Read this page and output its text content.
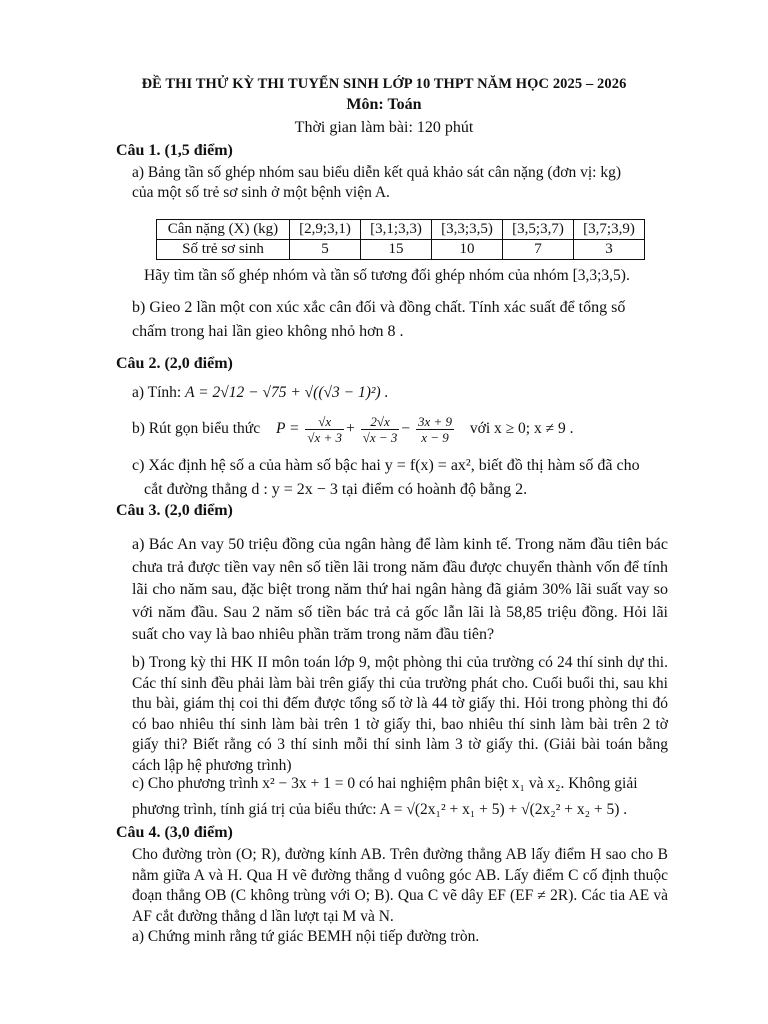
ĐỀ THI THỬ KỲ THI TUYỂN SINH LỚP 10 THPT NĂM HỌC 2025 – 2026
Môn: Toán
Thời gian làm bài: 120 phút
Câu 1. (1,5 điểm)
a) Bảng tần số ghép nhóm sau biểu diễn kết quả khảo sát cân nặng (đơn vị: kg)
của một số trẻ sơ sinh ở một bệnh viện A.
Cân nặng (X) (kg)	[2,9;3,1)	[3,1;3,3)	[3,3;3,5)	[3,5;3,7)	[3,7;3,9)
Số trẻ sơ sinh	5	15	10	7	3
Hãy tìm tần số ghép nhóm và tần số tương đối ghép nhóm của nhóm [3,3;3,5).
b) Gieo 2 lần một con xúc xắc cân đối và đồng chất. Tính xác suất để tổng số
chấm trong hai lần gieo không nhỏ hơn 8 .
Câu 2. (2,0 điểm)
a) Tính: A = 2√12 − √75 + √((√3 − 1)²) .
b) Rút gọn biểu thức $P = \frac{√x}{√x + 3} + \frac{2√x}{√x - 3} - \frac{3x + 9}{x - 9}$ với x ≥ 0; x ≠ 9 .
c) Xác định hệ số a của hàm số bậc hai y = f(x) = ax², biết đồ thị hàm số đã cho
cắt đường thẳng d : y = 2x − 3 tại điểm có hoành độ bằng 2.
Câu 3. (2,0 điểm)
a) Bác An vay 50 triệu đồng của ngân hàng để làm kinh tế. Trong năm đầu tiên bác chưa trả được tiền vay nên số tiền lãi trong năm đầu được chuyển thành vốn để tính lãi cho năm sau, đặc biệt trong năm thứ hai ngân hàng đã giảm 30% lãi suất vay so với năm đầu. Sau 2 năm số tiền bác trả cả gốc lẫn lãi là 58,85 triệu đồng. Hỏi lãi suất cho vay là bao nhiêu phần trăm trong năm đầu tiên?
b) Trong kỳ thi HK II môn toán lớp 9, một phòng thi của trường có 24 thí sinh dự thi. Các thí sinh đều phải làm bài trên giấy thi của trường phát cho. Cuối buổi thi, sau khi thu bài, giám thị coi thi đếm được tổng số tờ là 44 tờ giấy thi. Hỏi trong phòng thi đó có bao nhiêu thí sinh làm bài trên 1 tờ giấy thi, bao nhiêu thí sinh làm bài trên 2 tờ giấy thi? Biết rằng có 3 thí sinh mỗi thí sinh làm 3 tờ giấy thi. (Giải bài toán bằng cách lập hệ phương trình)
c) Cho phương trình x² − 3x + 1 = 0 có hai nghiệm phân biệt x₁ và x₂. Không giải
phương trình, tính giá trị của biểu thức: A = √(2x₁² + x₁ + 5) + √(2x₂² + x₂ + 5) .
Câu 4. (3,0 điểm)
Cho đường tròn (O; R), đường kính AB. Trên đường thẳng AB lấy điểm H sao cho B nằm giữa A và H. Qua H vẽ đường thẳng d vuông góc AB. Lấy điểm C cố định thuộc đoạn thẳng OB (C không trùng với O; B). Qua C vẽ dây EF (EF ≠ 2R). Các tia AE và AF cắt đường thẳng d lần lượt tại M và N.
a) Chứng minh rằng tứ giác BEMH nội tiếp đường tròn.
